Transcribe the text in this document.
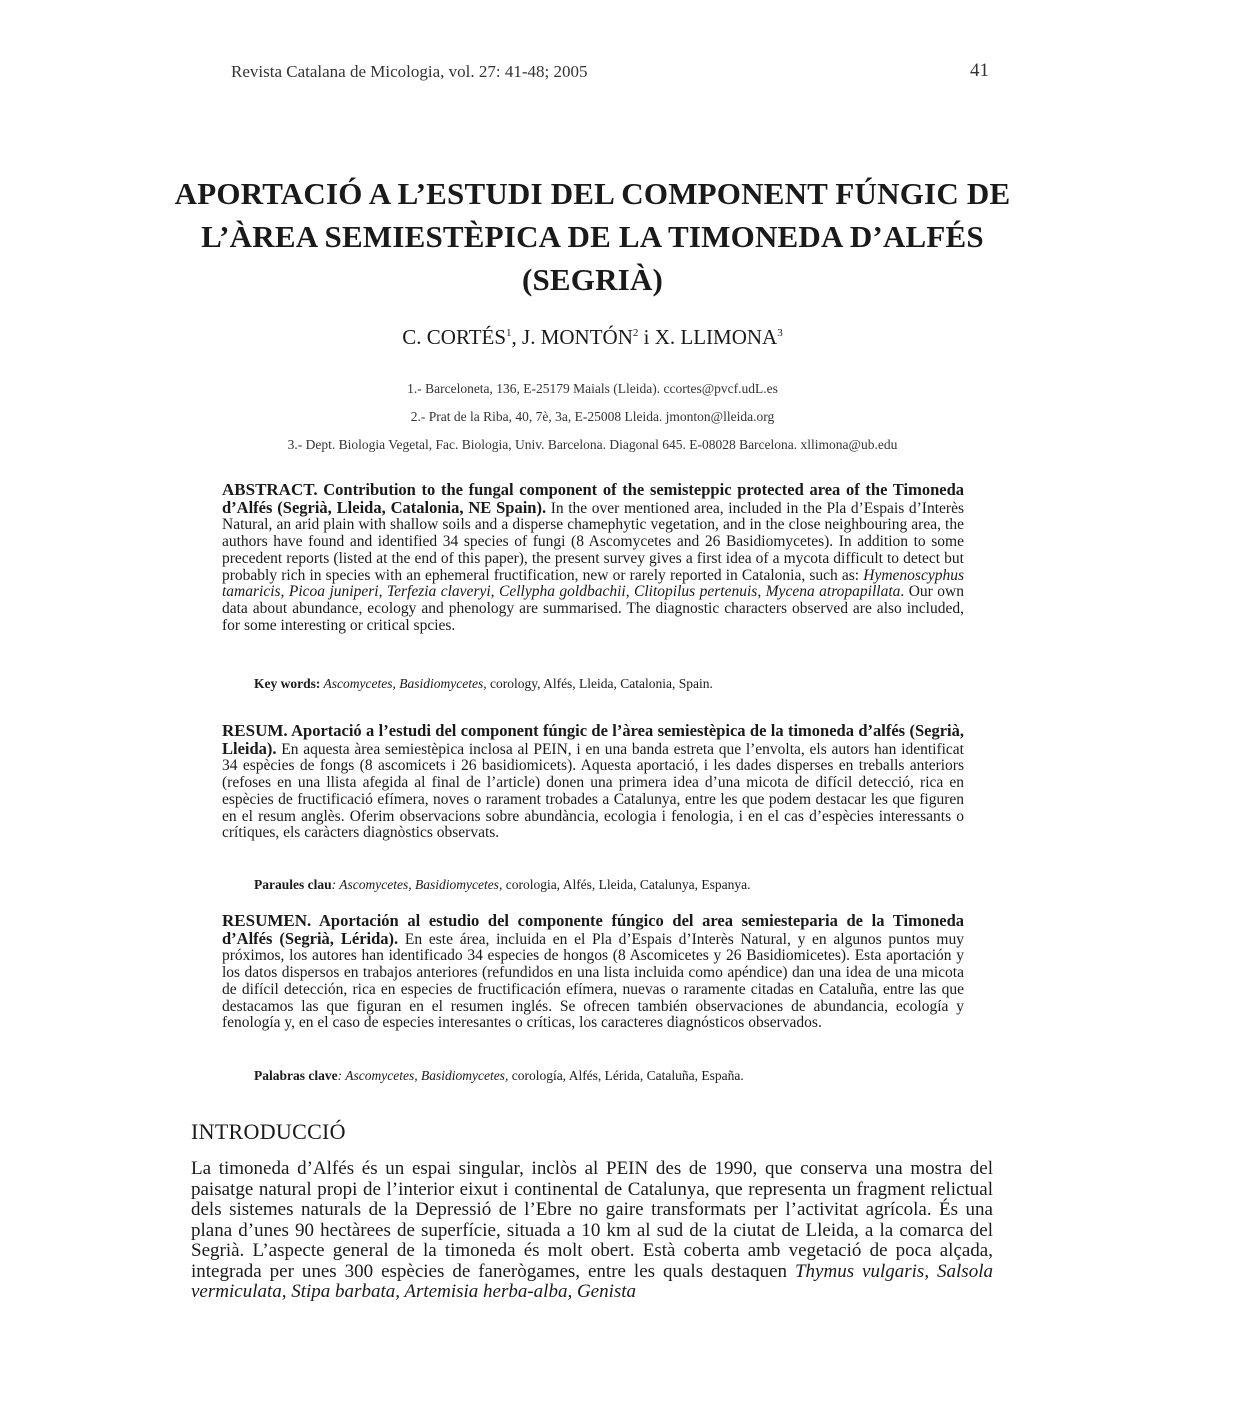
Revista Catalana de Micologia, vol. 27: 41-48; 2005	41
APORTACIÓ A L’ESTUDI DEL COMPONENT FÚNGIC DE
L’ÀREA SEMIESTÈPICA DE LA TIMONEDA D’ALFÉS
(SEGRIÀ)
C. CORTÉS$^1$, J. MONTÓN$^2$ i X. LLIMONA$^3$
1.- Barceloneta, 136, E-25179 Maials (Lleida). ccortes@pvcf.udL.es
2.- Prat de la Riba, 40, 7è, 3a, E-25008 Lleida. jmonton@lleida.org
3.- Dept. Biologia Vegetal, Fac. Biologia, Univ. Barcelona. Diagonal 645. E-08028 Barcelona. xllimona@ub.edu
ABSTRACT. Contribution to the fungal component of the semisteppic protected area of the Timoneda d’Alfés (Segrià, Lleida, Catalonia, NE Spain). In the over mentioned area, included in the Pla d’Espais d’Interès Natural, an arid plain with shallow soils and a disperse chamephytic vegetation, and in the close neighbouring area, the authors have found and identified 34 species of fungi (8 Ascomycetes and 26 Basidiomycetes). In addition to some precedent reports (listed at the end of this paper), the present survey gives a first idea of a mycota difficult to detect but probably rich in species with an ephemeral fructification, new or rarely reported in Catalonia, such as: Hymenoscyphus tamaricis, Picoa juniperi, Terfezia claveryi, Cellypha goldbachii, Clitopilus pertenuis, Mycena atropapillata. Our own data about abundance, ecology and phenology are summarised. The diagnostic characters observed are also included, for some interesting or critical spcies.
Key words: Ascomycetes, Basidiomycetes, corology, Alfés, Lleida, Catalonia, Spain.
RESUM. Aportació a l’estudi del component fúngic de l’àrea semiestèpica de la timoneda d’alfés (Segrià, Lleida). En aquesta àrea semiestèpica inclosa al PEIN, i en una banda estreta que l’envolta, els autors han identificat 34 espècies de fongs (8 ascomicets i 26 basidiomicets). Aquesta aportació, i les dades disperses en treballs anteriors (refoses en una llista afegida al final de l’article) donen una primera idea d’una micota de difícil detecció, rica en espècies de fructificació efímera, noves o rarament trobades a Catalunya, entre les que podem destacar les que figuren en el resum anglès. Oferim observacions sobre abundància, ecologia i fenologia, i en el cas d’espècies interessants o crítiques, els caràcters diagnòstics observats.
Paraules clau: Ascomycetes, Basidiomycetes, corologia, Alfés, Lleida, Catalunya, Espanya.
RESUMEN. Aportación al estudio del componente fúngico del area semiesteparia de la Timoneda d’Alfés (Segrià, Lérida). En este área, incluida en el Pla d’Espais d’Interès Natural, y en algunos puntos muy próximos, los autores han identificado 34 especies de hongos (8 Ascomicetes y 26 Basidiomicetes). Esta aportación y los datos dispersos en trabajos anteriores (refundidos en una lista incluida como apéndice) dan una idea de una micota de difícil detección, rica en especies de fructificación efímera, nuevas o raramente citadas en Cataluña, entre las que destacamos las que figuran en el resumen inglés. Se ofrecen también observaciones de abundancia, ecología y fenología y, en el caso de especies interesantes o críticas, los caracteres diagnósticos observados.
Palabras clave: Ascomycetes, Basidiomycetes, corología, Alfés, Lérida, Cataluña, España.
INTRODUCCIÓ
La timoneda d’Alfés és un espai singular, inclòs al PEIN des de 1990, que conserva una mostra del paisatge natural propi de l’interior eixut i continental de Catalunya, que representa un fragment relictual dels sistemes naturals de la Depressió de l’Ebre no gaire transformats per l’activitat agrícola. És una plana d’unes 90 hectàrees de superfície, situada a 10 km al sud de la ciutat de Lleida, a la comarca del Segrià. L’aspecte general de la timoneda és molt obert. Està coberta amb vegetació de poca alçada, integrada per unes 300 espècies de fanerògames, entre les quals destaquen Thymus vulgaris, Salsola vermiculata, Stipa barbata, Artemisia herba-alba, Genista
